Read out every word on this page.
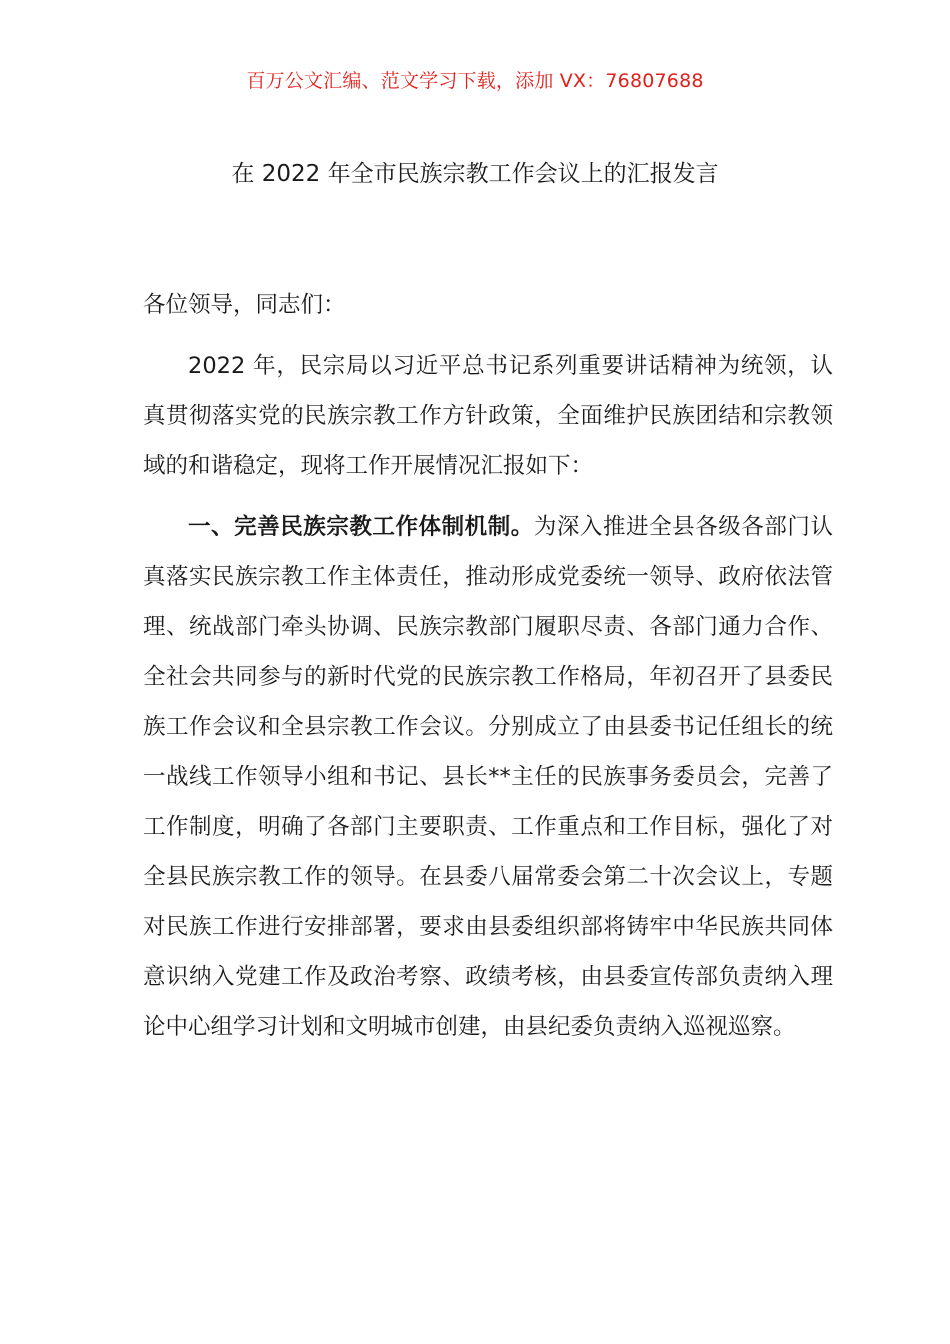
百万公文汇编、范文学习下载，添加 VX：76807688
在 2022 年全市民族宗教工作会议上的汇报发言

各位领导，同志们：

2022 年，民宗局以习近平总书记系列重要讲话精神为统领，认真贯彻落实党的民族宗教工作方针政策，全面维护民族团结和宗教领域的和谐稳定，现将工作开展情况汇报如下：

一、完善民族宗教工作体制机制。为深入推进全县各级各部门认真落实民族宗教工作主体责任，推动形成党委统一领导、政府依法管理、统战部门牵头协调、民族宗教部门履职尽责、各部门通力合作、全社会共同参与的新时代党的民族宗教工作格局，年初召开了县委民族工作会议和全县宗教工作会议。分别成立了由县委书记任组长的统一战线工作领导小组和书记、县长**主任的民族事务委员会，完善了工作制度，明确了各部门主要职责、工作重点和工作目标，强化了对全县民族宗教工作的领导。在县委八届常委会第二十次会议上，专题对民族工作进行安排部署，要求由县委组织部将铸牢中华民族共同体意识纳入党建工作及政治考察、政绩考核，由县委宣传部负责纳入理论中心组学习计划和文明城市创建，由县纪委负责纳入巡视巡察。
